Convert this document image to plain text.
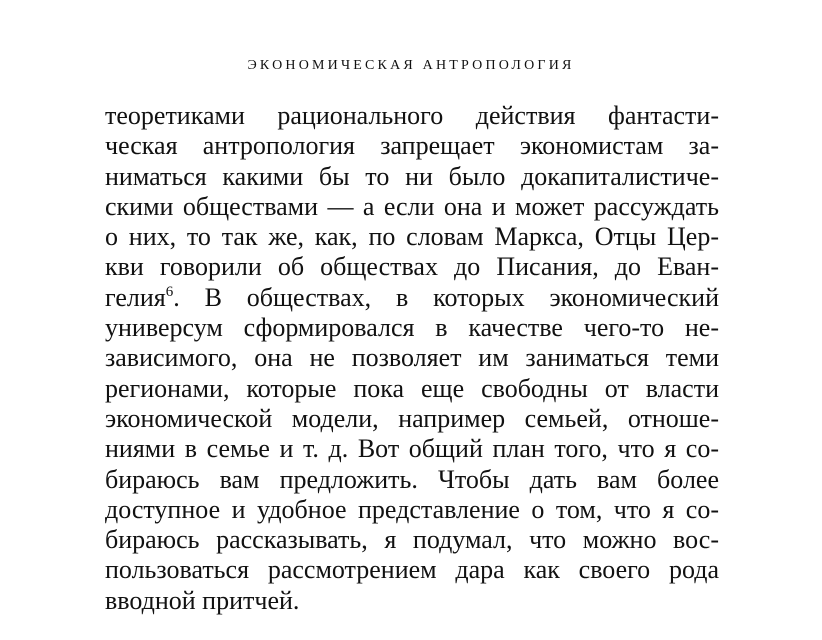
ЭКОНОМИЧЕСКАЯ АНТРОПОЛОГИЯ
теоретиками рационального действия фантасти-
ческая антропология запрещает экономистам за-
ниматься какими бы то ни было докапиталистиче-
скими обществами — а если она и может рассуждать
о них, то так же, как, по словам Маркса, Отцы Цер-
кви говорили об обществах до Писания, до Еван-
гелия$^6$. В обществах, в которых экономический
универсум сформировался в качестве чего-то не-
зависимого, она не позволяет им заниматься теми
регионами, которые пока еще свободны от власти
экономической модели, например семьей, отноше-
ниями в семье и т. д. Вот общий план того, что я со-
бираюсь вам предложить. Чтобы дать вам более
доступное и удобное представление о том, что я со-
бираюсь рассказывать, я подумал, что можно вос-
пользоваться рассмотрением дара как своего рода
вводной притчей.
